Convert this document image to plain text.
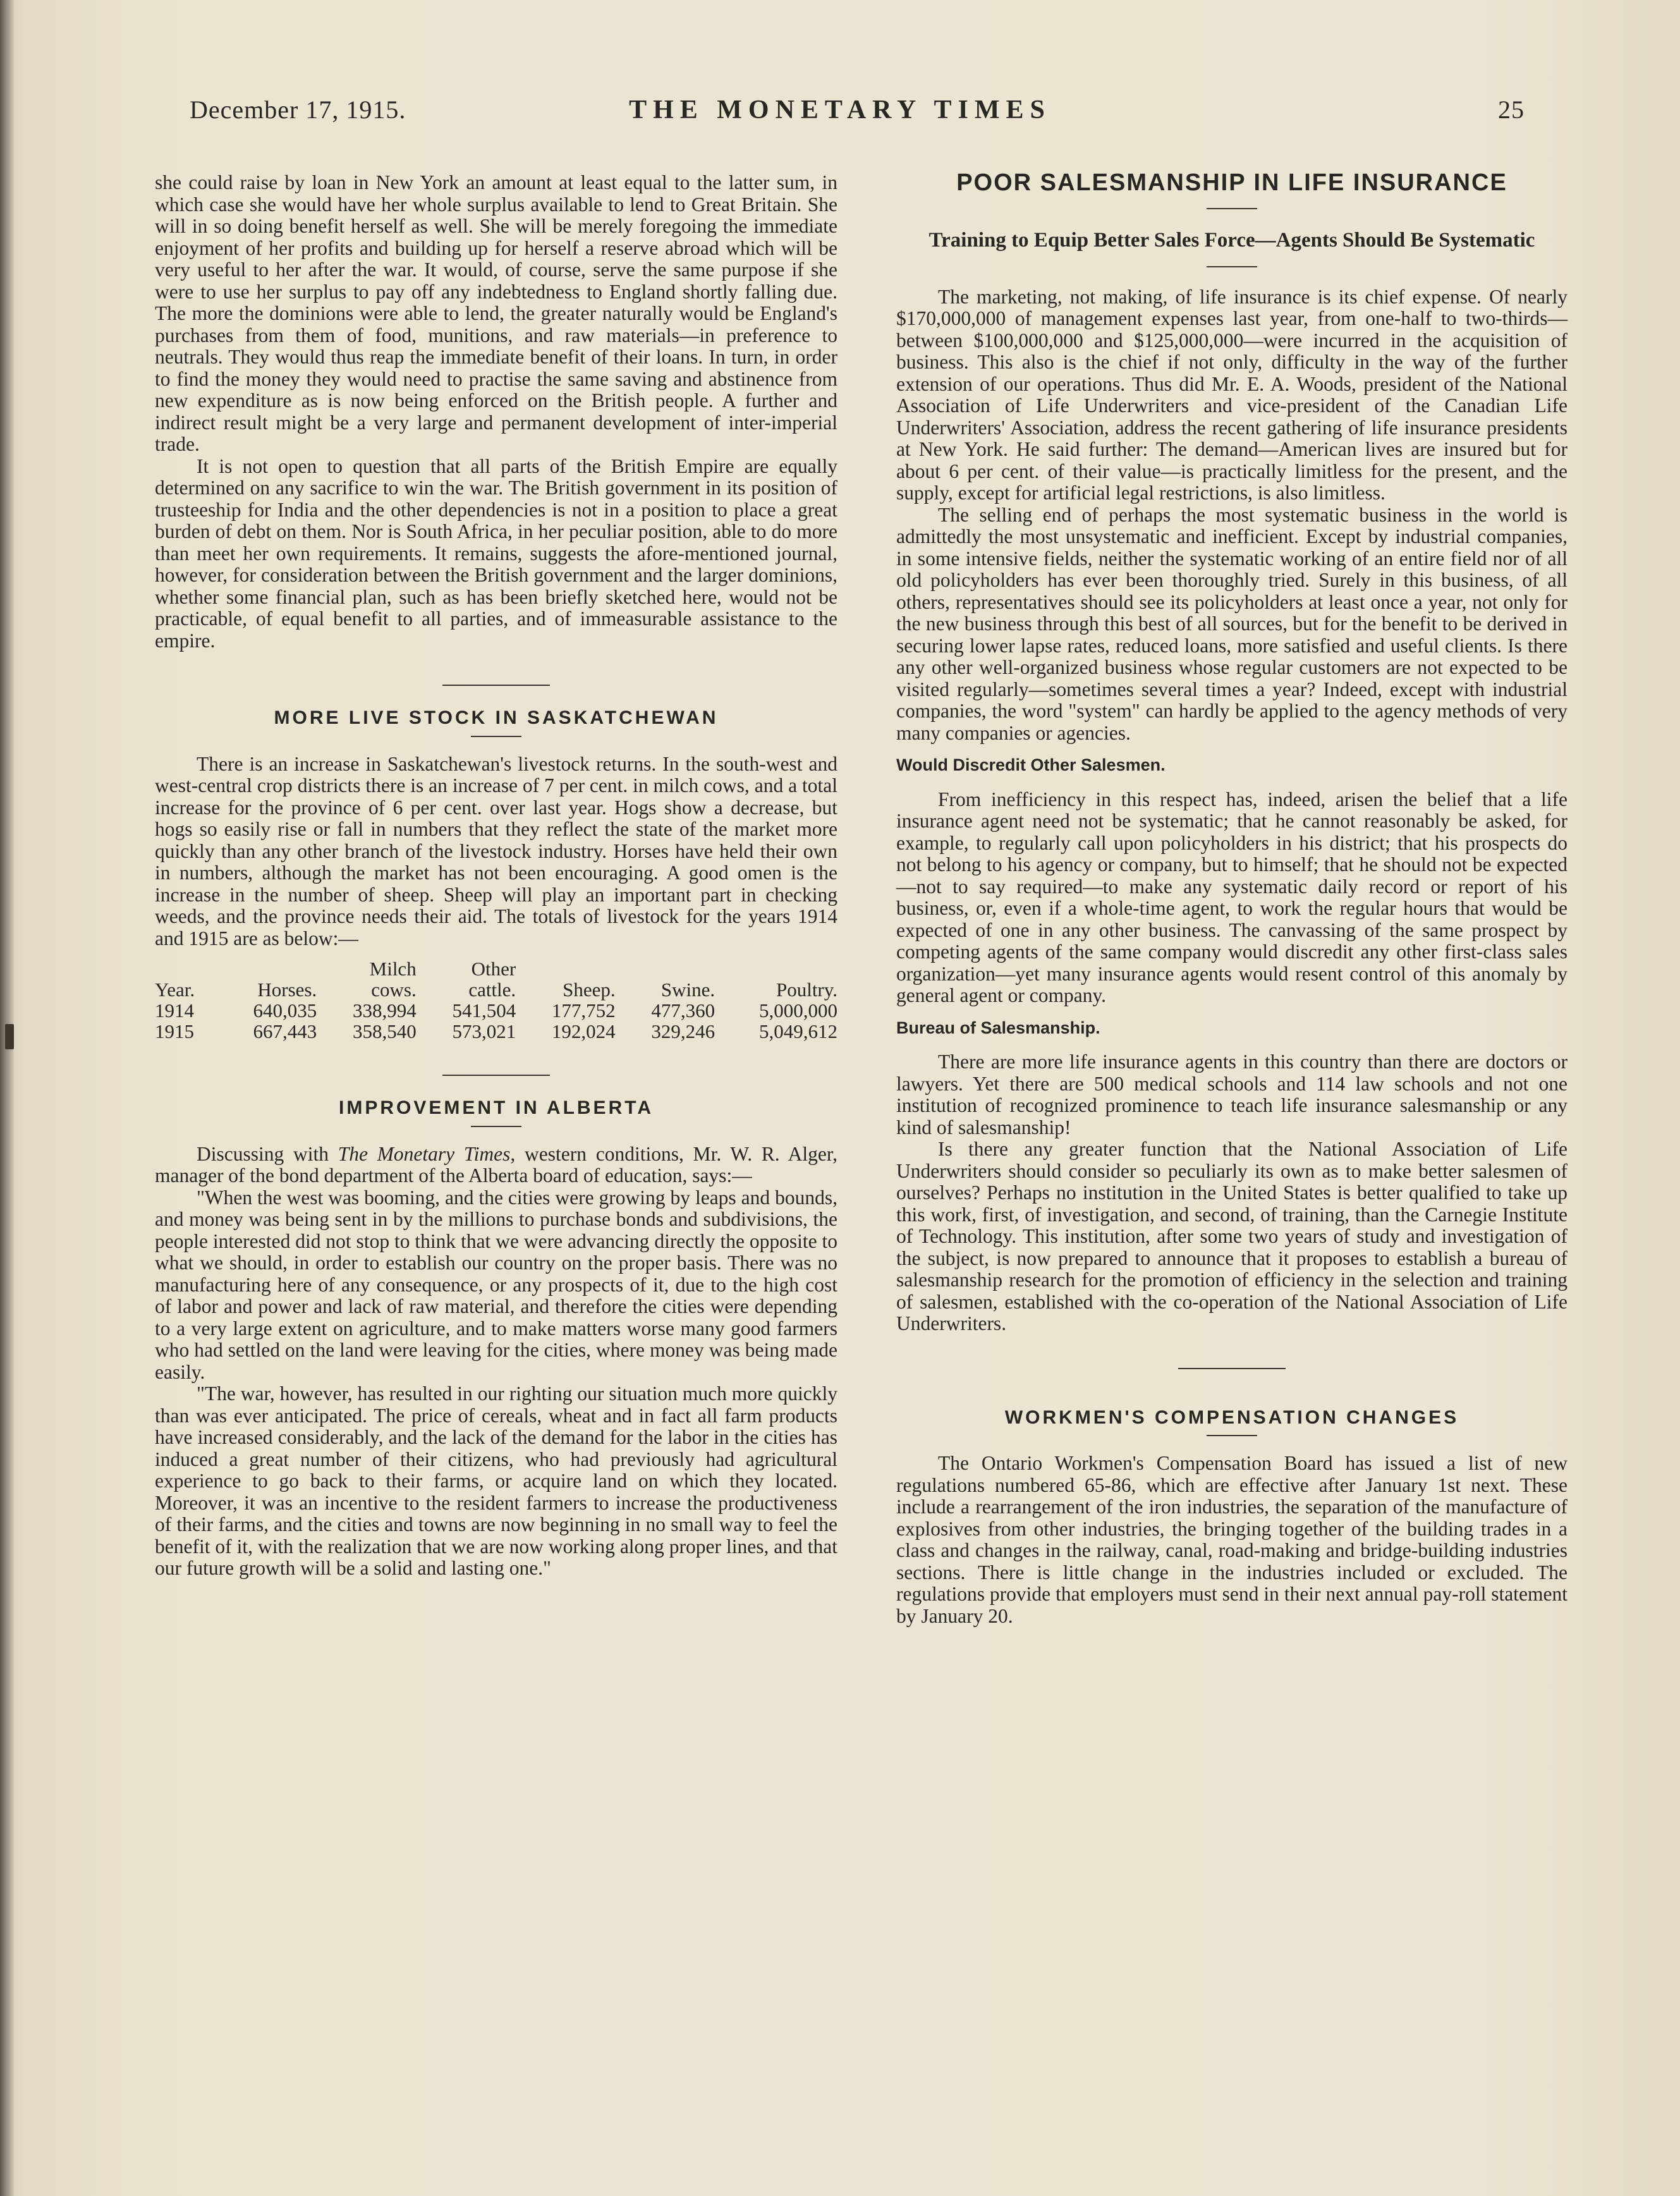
December 17, 1915.	THE MONETARY TIMES	25

she could raise by loan in New York an amount at least equal to the latter sum, in which case she would have her whole surplus available to lend to Great Britain. She will in so doing benefit herself as well. She will be merely foregoing the immediate enjoyment of her profits and building up for herself a reserve abroad which will be very useful to her after the war. It would, of course, serve the same purpose if she were to use her surplus to pay off any indebtedness to England shortly falling due. The more the dominions were able to lend, the greater naturally would be England's purchases from them of food, munitions, and raw materials—in preference to neutrals. They would thus reap the immediate benefit of their loans. In turn, in order to find the money they would need to practise the same saving and abstinence from new expenditure as is now being enforced on the British people. A further and indirect result might be a very large and permanent development of inter-imperial trade.

It is not open to question that all parts of the British Empire are equally determined on any sacrifice to win the war. The British government in its position of trusteeship for India and the other dependencies is not in a position to place a great burden of debt on them. Nor is South Africa, in her peculiar position, able to do more than meet her own requirements. It remains, suggests the afore-mentioned journal, however, for consideration between the British government and the larger dominions, whether some financial plan, such as has been briefly sketched here, would not be practicable, of equal benefit to all parties, and of immeasurable assistance to the empire.

MORE LIVE STOCK IN SASKATCHEWAN

There is an increase in Saskatchewan's livestock returns. In the south-west and west-central crop districts there is an increase of 7 per cent. in milch cows, and a total increase for the province of 6 per cent. over last year. Hogs show a decrease, but hogs so easily rise or fall in numbers that they reflect the state of the market more quickly than any other branch of the livestock industry. Horses have held their own in numbers, although the market has not been encouraging. A good omen is the increase in the number of sheep. Sheep will play an important part in checking weeds, and the province needs their aid. The totals of livestock for the years 1914 and 1915 are as below:—

		Milch	Other			
Year.	Horses.	cows.	cattle.	Sheep.	Swine.	Poultry.
1914	640,035	338,994	541,504	177,752	477,360	5,000,000
1915	667,443	358,540	573,021	192,024	329,246	5,049,612
IMPROVEMENT IN ALBERTA

Discussing with The Monetary Times, western conditions, Mr. W. R. Alger, manager of the bond department of the Alberta board of education, says:—

"When the west was booming, and the cities were growing by leaps and bounds, and money was being sent in by the millions to purchase bonds and subdivisions, the people interested did not stop to think that we were advancing directly the opposite to what we should, in order to establish our country on the proper basis. There was no manufacturing here of any consequence, or any prospects of it, due to the high cost of labor and power and lack of raw material, and therefore the cities were depending to a very large extent on agriculture, and to make matters worse many good farmers who had settled on the land were leaving for the cities, where money was being made easily.

"The war, however, has resulted in our righting our situation much more quickly than was ever anticipated. The price of cereals, wheat and in fact all farm products have increased considerably, and the lack of the demand for the labor in the cities has induced a great number of their citizens, who had previously had agricultural experience to go back to their farms, or acquire land on which they located. Moreover, it was an incentive to the resident farmers to increase the productiveness of their farms, and the cities and towns are now beginning in no small way to feel the benefit of it, with the realization that we are now working along proper lines, and that our future growth will be a solid and lasting one."

POOR SALESMANSHIP IN LIFE INSURANCE
Training to Equip Better Sales Force—Agents Should Be Systematic

The marketing, not making, of life insurance is its chief expense. Of nearly $170,000,000 of management expenses last year, from one-half to two-thirds—between $100,000,000 and $125,000,000—were incurred in the acquisition of business. This also is the chief if not only, difficulty in the way of the further extension of our operations. Thus did Mr. E. A. Woods, president of the National Association of Life Underwriters and vice-president of the Canadian Life Underwriters' Association, address the recent gathering of life insurance presidents at New York. He said further: The demand—American lives are insured but for about 6 per cent. of their value—is practically limitless for the present, and the supply, except for artificial legal restrictions, is also limitless.

The selling end of perhaps the most systematic business in the world is admittedly the most unsystematic and inefficient. Except by industrial companies, in some intensive fields, neither the systematic working of an entire field nor of all old policyholders has ever been thoroughly tried. Surely in this business, of all others, representatives should see its policyholders at least once a year, not only for the new business through this best of all sources, but for the benefit to be derived in securing lower lapse rates, reduced loans, more satisfied and useful clients. Is there any other well-organized business whose regular customers are not expected to be visited regularly—sometimes several times a year? Indeed, except with industrial companies, the word "system" can hardly be applied to the agency methods of very many companies or agencies.

Would Discredit Other Salesmen.

From inefficiency in this respect has, indeed, arisen the belief that a life insurance agent need not be systematic; that he cannot reasonably be asked, for example, to regularly call upon policyholders in his district; that his prospects do not belong to his agency or company, but to himself; that he should not be expected—not to say required—to make any systematic daily record or report of his business, or, even if a whole-time agent, to work the regular hours that would be expected of one in any other business. The canvassing of the same prospect by competing agents of the same company would discredit any other first-class sales organization—yet many insurance agents would resent control of this anomaly by general agent or company.

Bureau of Salesmanship.

There are more life insurance agents in this country than there are doctors or lawyers. Yet there are 500 medical schools and 114 law schools and not one institution of recognized prominence to teach life insurance salesmanship or any kind of salesmanship!

Is there any greater function that the National Association of Life Underwriters should consider so peculiarly its own as to make better salesmen of ourselves? Perhaps no institution in the United States is better qualified to take up this work, first, of investigation, and second, of training, than the Carnegie Institute of Technology. This institution, after some two years of study and investigation of the subject, is now prepared to announce that it proposes to establish a bureau of salesmanship research for the promotion of efficiency in the selection and training of salesmen, established with the co-operation of the National Association of Life Underwriters.

WORKMEN'S COMPENSATION CHANGES

The Ontario Workmen's Compensation Board has issued a list of new regulations numbered 65-86, which are effective after January 1st next. These include a rearrangement of the iron industries, the separation of the manufacture of explosives from other industries, the bringing together of the building trades in a class and changes in the railway, canal, road-making and bridge-building industries sections. There is little change in the industries included or excluded. The regulations provide that employers must send in their next annual pay-roll statement by January 20.
